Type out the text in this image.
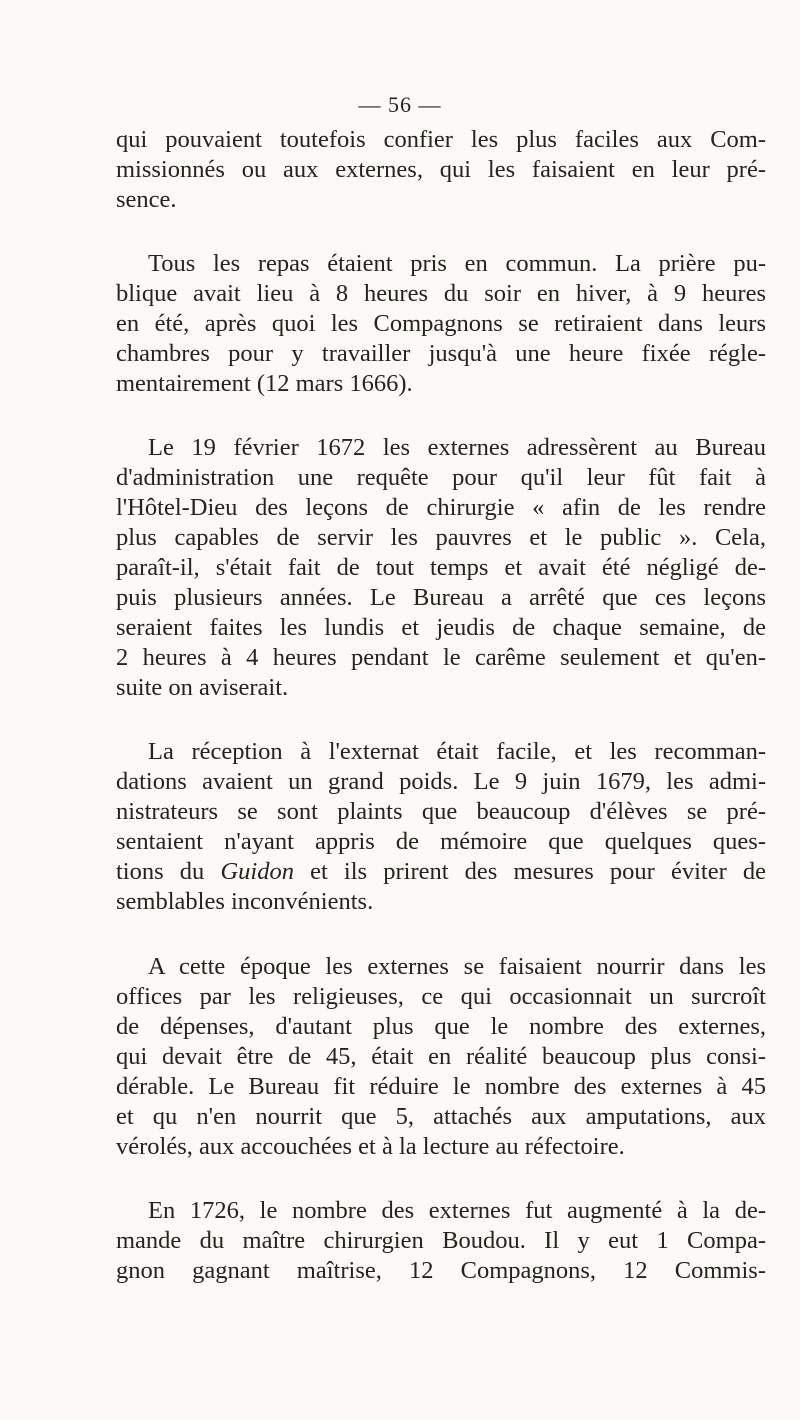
— 56 —
qui pouvaient toutefois confier les plus faciles aux Com-
missionnés ou aux externes, qui les faisaient en leur pré-
sence.
Tous les repas étaient pris en commun. La prière pu-
blique avait lieu à 8 heures du soir en hiver, à 9 heures
en été, après quoi les Compagnons se retiraient dans leurs
chambres pour y travailler jusqu'à une heure fixée régle-
mentairement (12 mars 1666).
Le 19 février 1672 les externes adressèrent au Bureau
d'administration une requête pour qu'il leur fût fait à
l'Hôtel-Dieu des leçons de chirurgie « afin de les rendre
plus capables de servir les pauvres et le public ». Cela,
paraît-il, s'était fait de tout temps et avait été négligé de-
puis plusieurs années. Le Bureau a arrêté que ces leçons
seraient faites les lundis et jeudis de chaque semaine, de
2 heures à 4 heures pendant le carême seulement et qu'en-
suite on aviserait.
La réception à l'externat était facile, et les recomman-
dations avaient un grand poids. Le 9 juin 1679, les admi-
nistrateurs se sont plaints que beaucoup d'élèves se pré-
sentaient n'ayant appris de mémoire que quelques ques-
tions du Guidon et ils prirent des mesures pour éviter de
semblables inconvénients.
A cette époque les externes se faisaient nourrir dans les
offices par les religieuses, ce qui occasionnait un surcroît
de dépenses, d'autant plus que le nombre des externes,
qui devait être de 45, était en réalité beaucoup plus consi-
dérable. Le Bureau fit réduire le nombre des externes à 45
et qu n'en nourrit que 5, attachés aux amputations, aux
vérolés, aux accouchées et à la lecture au réfectoire.
En 1726, le nombre des externes fut augmenté à la de-
mande du maître chirurgien Boudou. Il y eut 1 Compa-
gnon gagnant maîtrise, 12 Compagnons, 12 Commis-
